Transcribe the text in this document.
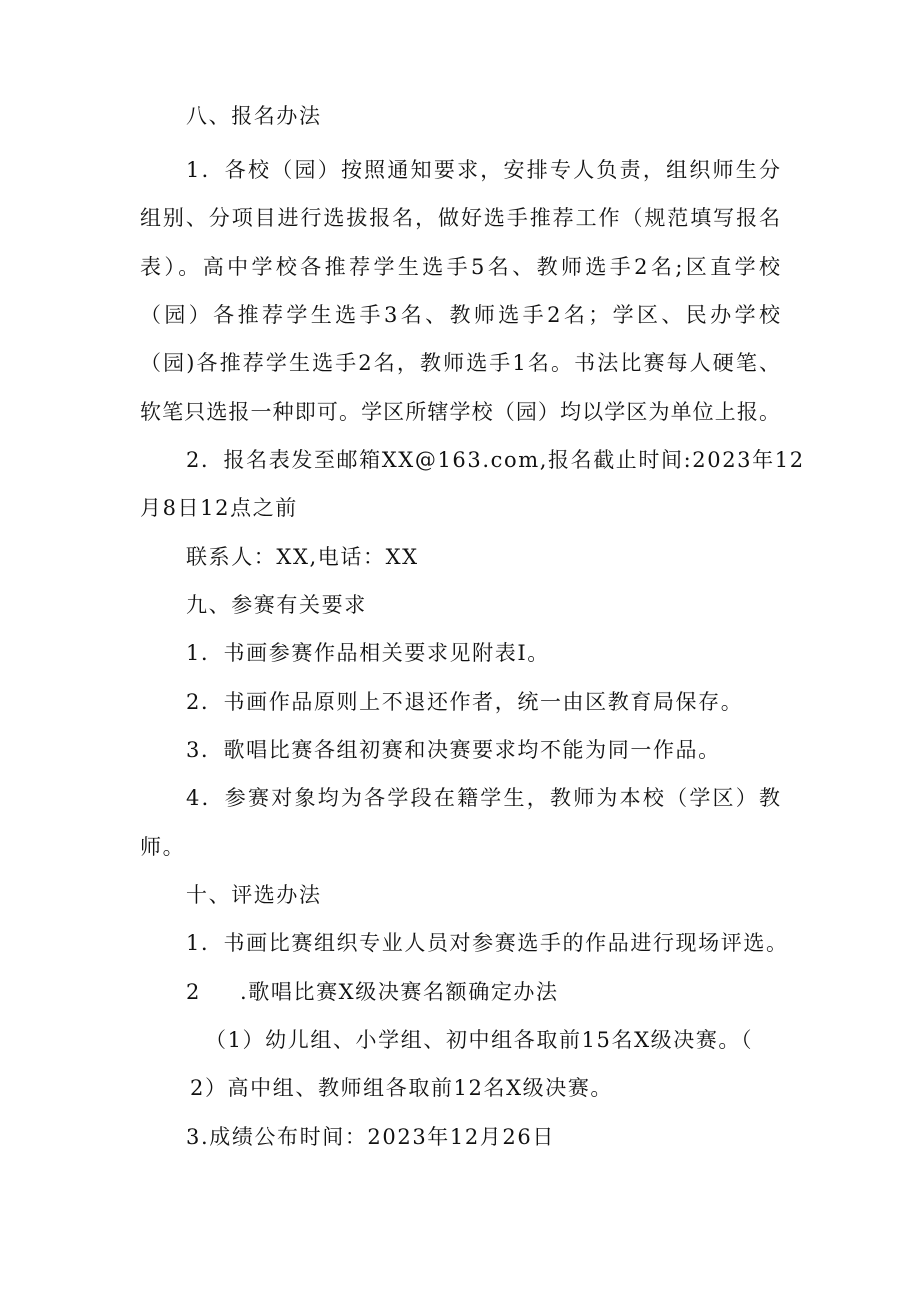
八、报名办法
1．各校（园）按照通知要求，安排专人负责，组织师生分
组别、分项目进行选拔报名，做好选手推荐工作（规范填写报名
表）。高中学校各推荐学生选手5名、教师选手2名;区直学校
（园）各推荐学生选手3名、教师选手2名；学区、民办学校
（园)各推荐学生选手2名，教师选手1名。书法比赛每人硬笔、
软笔只选报一种即可。学区所辖学校（园）均以学区为单位上报。
2．报名表发至邮箱XX@163.com,报名截止时间:2023年12
月8日12点之前
联系人：XX,电话：XX
九、参赛有关要求
1．书画参赛作品相关要求见附表I。
2．书画作品原则上不退还作者，统一由区教育局保存。
3．歌唱比赛各组初赛和决赛要求均不能为同一作品。
4．参赛对象均为各学段在籍学生，教师为本校（学区）教
师。
十、评选办法
1．书画比赛组织专业人员对参赛选手的作品进行现场评选。
2 .歌唱比赛X级决赛名额确定办法
（1）幼儿组、小学组、初中组各取前15名X级决赛。（
2）高中组、教师组各取前12名X级决赛。
3.成绩公布时间：2023年12月26日
